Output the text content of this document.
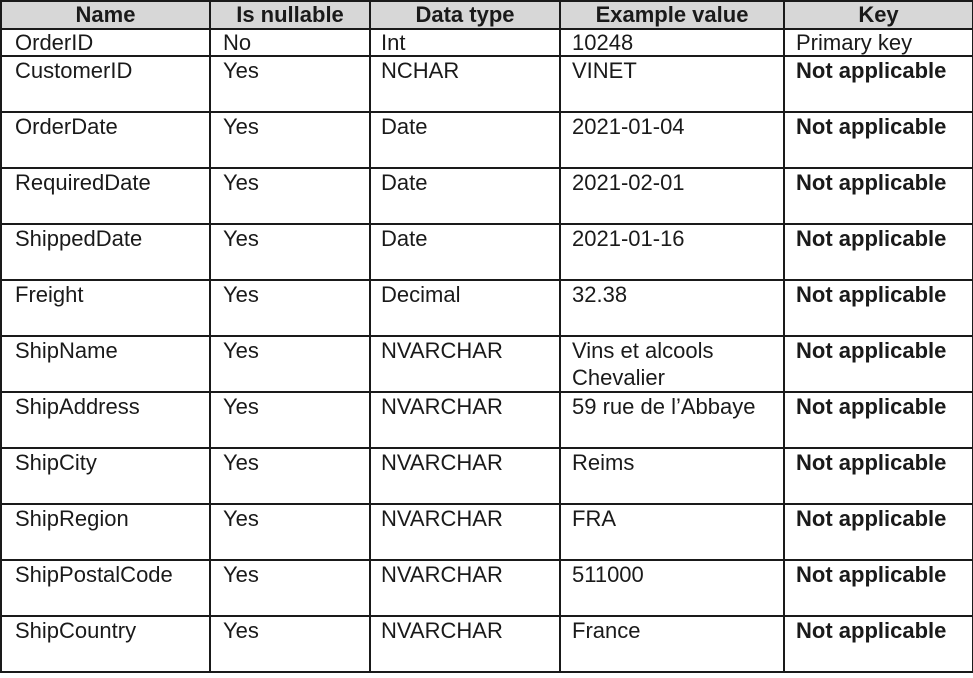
Name	Is nullable	Data type	Example value	Key
OrderID	No	Int	10248	Primary key
CustomerID	Yes	NCHAR	VINET	Not applicable
OrderDate	Yes	Date	2021-01-04	Not applicable
RequiredDate	Yes	Date	2021-02-01	Not applicable
ShippedDate	Yes	Date	2021-01-16	Not applicable
Freight	Yes	Decimal	32.38	Not applicable
ShipName	Yes	NVARCHAR	Vins et alcools Chevalier	Not applicable
ShipAddress	Yes	NVARCHAR	59 rue de l’Abbaye	Not applicable
ShipCity	Yes	NVARCHAR	Reims	Not applicable
ShipRegion	Yes	NVARCHAR	FRA	Not applicable
ShipPostalCode	Yes	NVARCHAR	511000	Not applicable
ShipCountry	Yes	NVARCHAR	France	Not applicable
